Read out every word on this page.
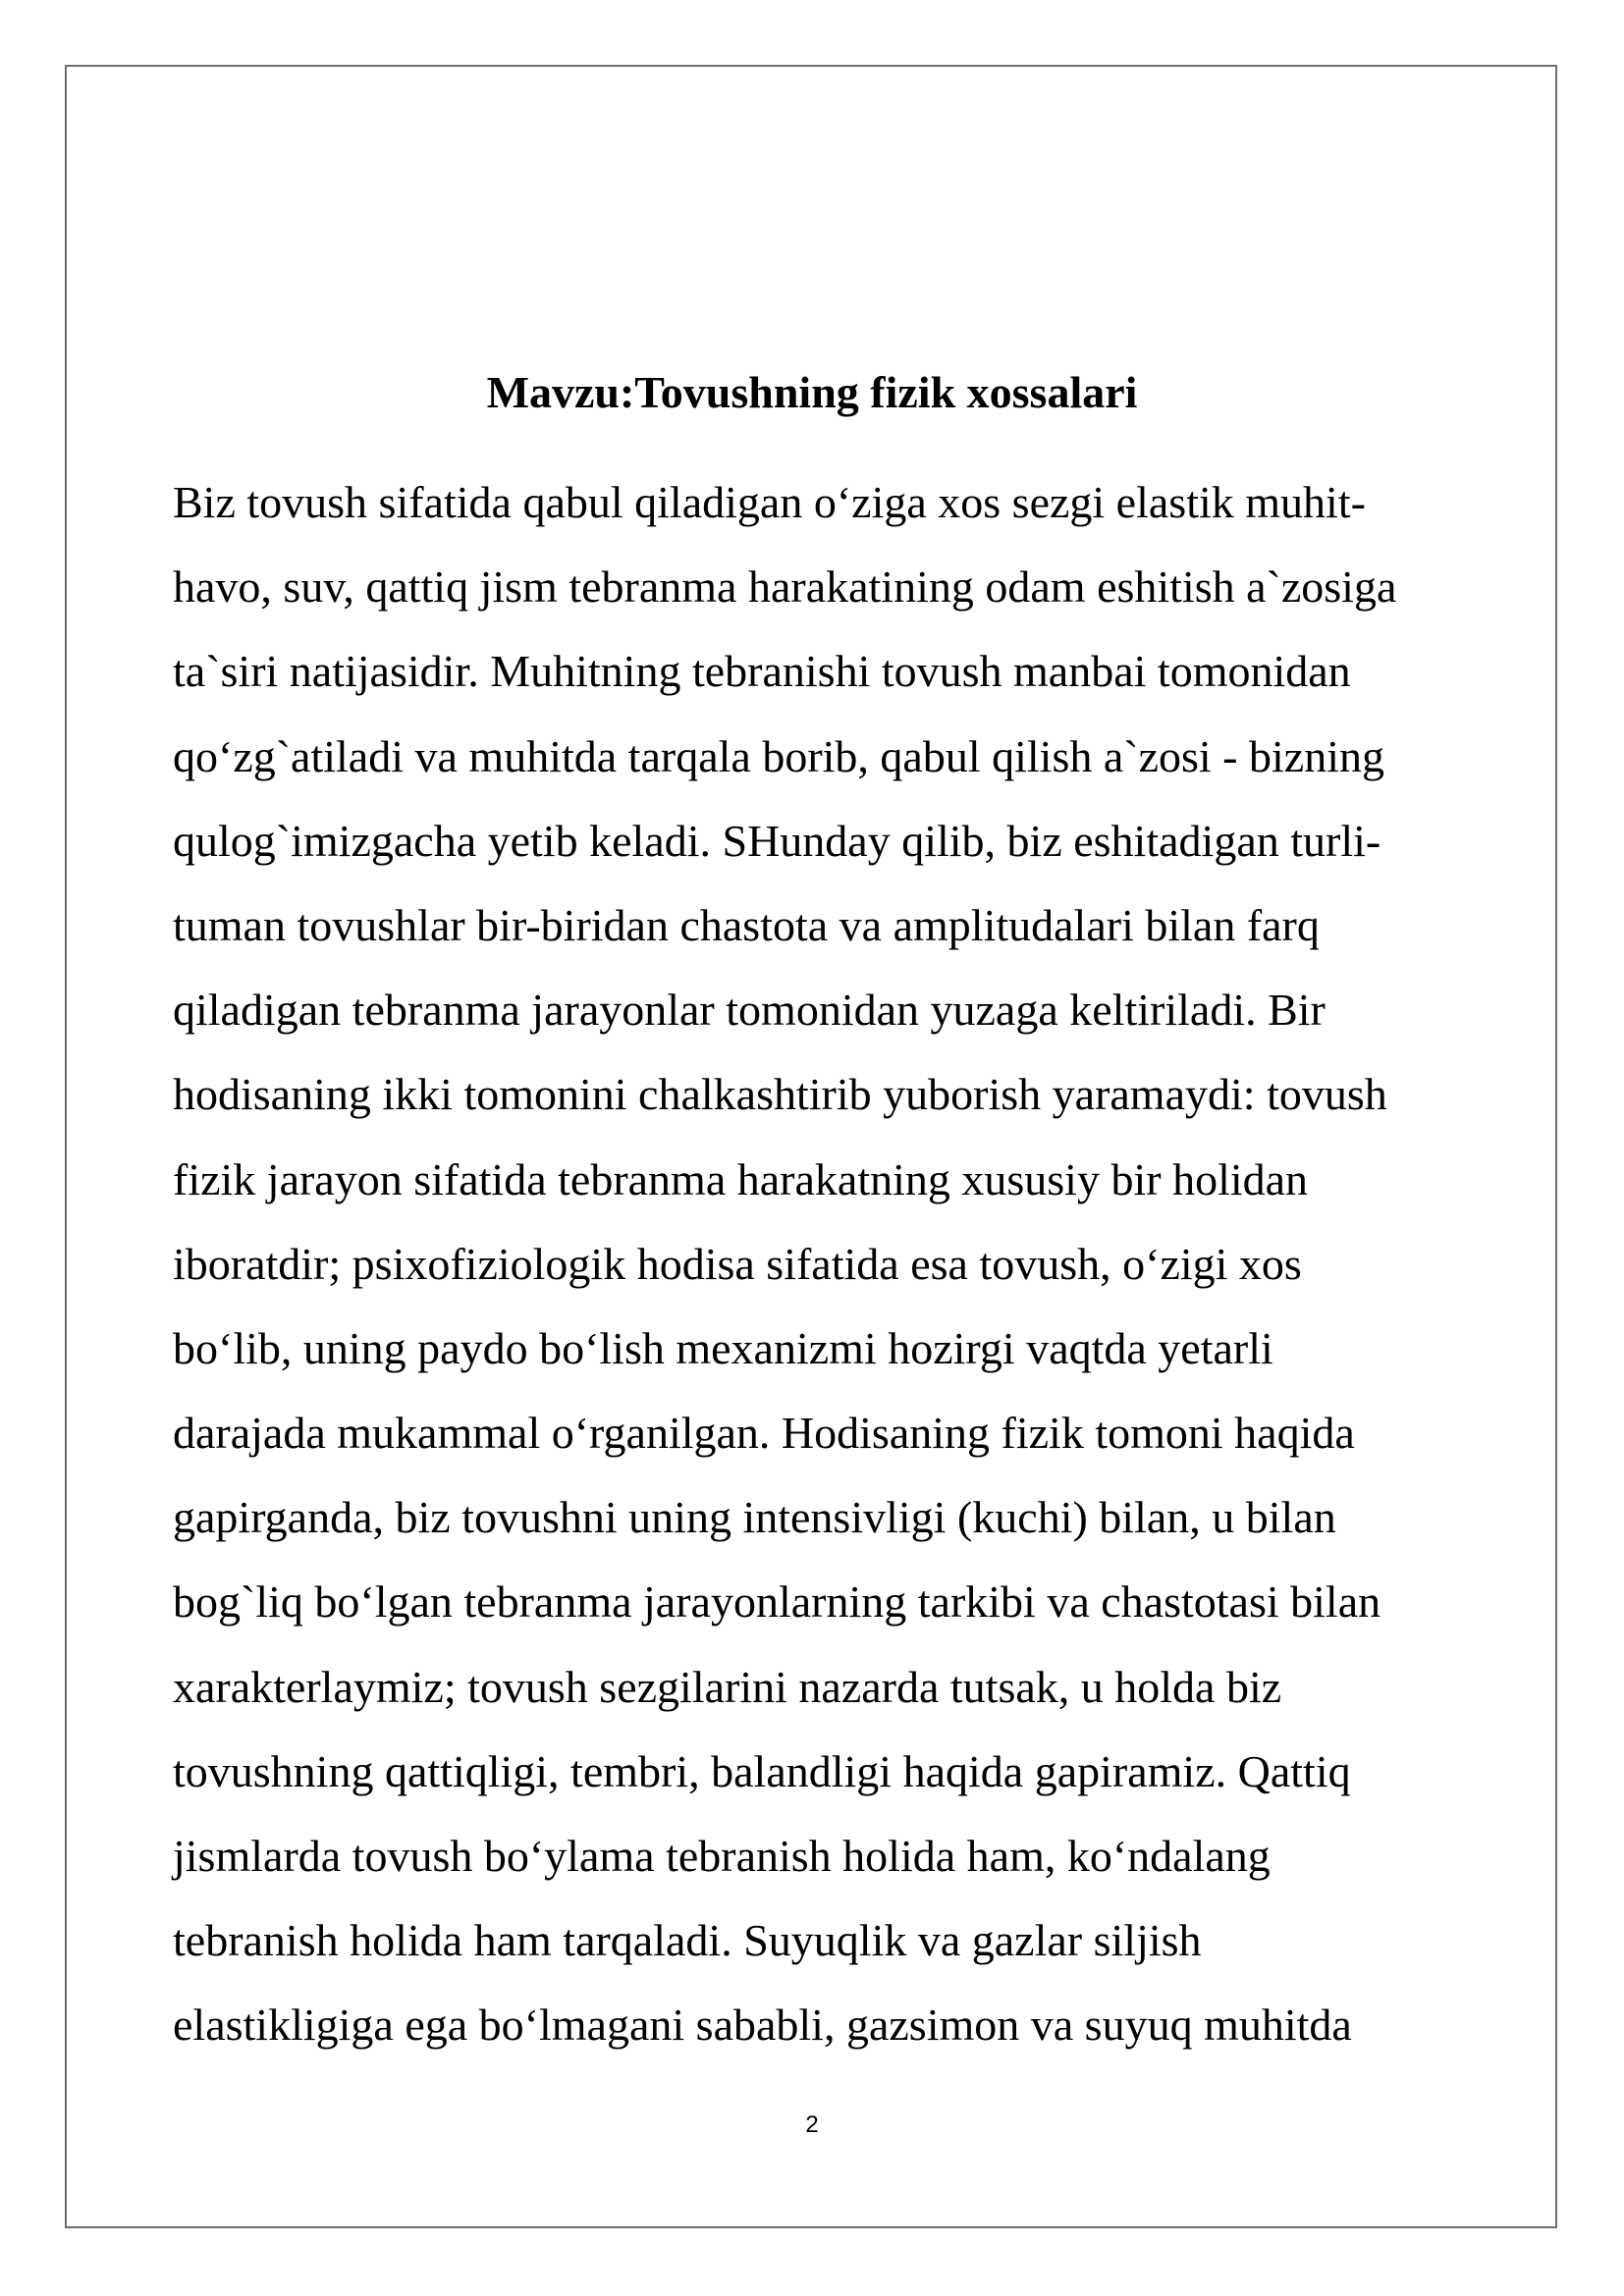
Mavzu:Tovushning fizik xossalari
Biz tovush sifatida qabul qiladigan o‘ziga xos sezgi elastik muhit-
havo, suv, qattiq jism tebranma harakatining odam eshitish a`zosiga
ta`siri natijasidir. Muhitning tebranishi tovush manbai tomonidan
qo‘zg`atiladi va muhitda tarqala borib, qabul qilish a`zosi - bizning
qulog`imizgacha yetib keladi. SHunday qilib, biz eshitadigan turli-
tuman tovushlar bir-biridan chastota va amplitudalari bilan farq
qiladigan tebranma jarayonlar tomonidan yuzaga keltiriladi. Bir
hodisaning ikki tomonini chalkashtirib yuborish yaramaydi: tovush
fizik jarayon sifatida tebranma harakatning xususiy bir holidan
iboratdir; psixofiziologik hodisa sifatida esa tovush, o‘zigi xos
bo‘lib, uning paydo bo‘lish mexanizmi hozirgi vaqtda yetarli
darajada mukammal o‘rganilgan. Hodisaning fizik tomoni haqida
gapirganda, biz tovushni uning intensivligi (kuchi) bilan, u bilan
bog`liq bo‘lgan tebranma jarayonlarning tarkibi va chastotasi bilan
xarakterlaymiz; tovush sezgilarini nazarda tutsak, u holda biz
tovushning qattiqligi, tembri, balandligi haqida gapiramiz. Qattiq
jismlarda tovush bo‘ylama tebranish holida ham, ko‘ndalang
tebranish holida ham tarqaladi. Suyuqlik va gazlar siljish
elastikligiga ega bo‘lmagani sababli, gazsimon va suyuq muhitda
2
